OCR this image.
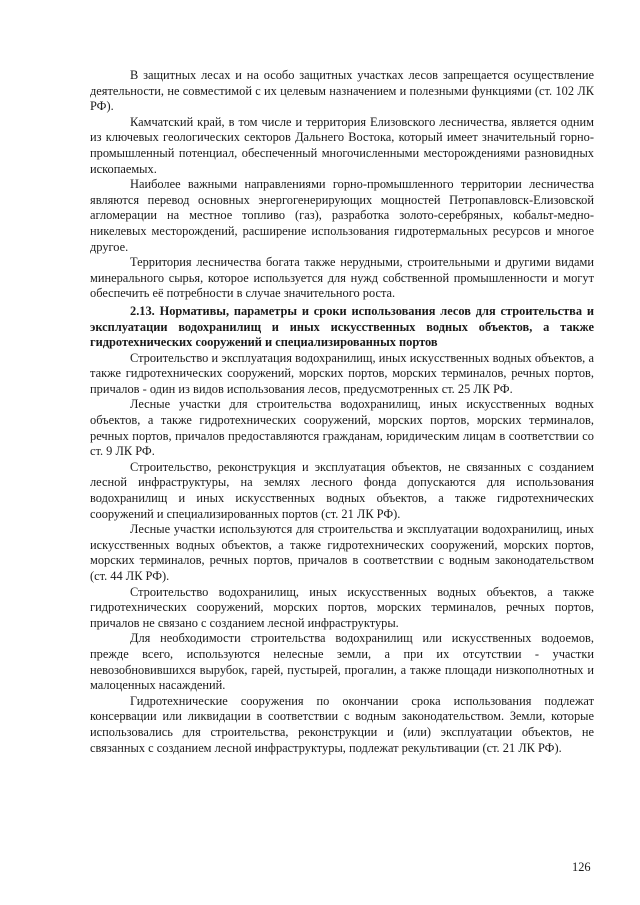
В защитных лесах и на особо защитных участках лесов запрещается осуществление деятельности, не совместимой с их целевым назначением и полезными функциями (ст. 102 ЛК РФ).

Камчатский край, в том числе и территория Елизовского лесничества, является одним из ключевых геологических секторов Дальнего Востока, который имеет значительный горно-промышленный потенциал, обеспеченный многочисленными месторождениями разновидных ископаемых.

Наиболее важными направлениями горно-промышленного территории лесничества являются перевод основных энергогенерирующих мощностей Петропавловск-Елизовской агломерации на местное топливо (газ), разработка золото-серебряных, кобальт-медно-никелевых месторождений, расширение использования гидротермальных ресурсов и многое другое.

Территория лесничества богата также нерудными, строительными и другими видами минерального сырья, которое используется для нужд собственной промышленности и могут обеспечить её потребности в случае значительного роста.

2.13. Нормативы, параметры и сроки использования лесов для строительства и эксплуатации водохранилищ и иных искусственных водных объектов, а также гидротехнических сооружений и специализированных портов

Строительство и эксплуатация водохранилищ, иных искусственных водных объектов, а также гидротехнических сооружений, морских портов, морских терминалов, речных портов, причалов - один из видов использования лесов, предусмотренных ст. 25 ЛК РФ.

Лесные участки для строительства водохранилищ, иных искусственных водных объектов, а также гидротехнических сооружений, морских портов, морских терминалов, речных портов, причалов предоставляются гражданам, юридическим лицам в соответствии со ст. 9 ЛК РФ.

Строительство, реконструкция и эксплуатация объектов, не связанных с созданием лесной инфраструктуры, на землях лесного фонда допускаются для использования водохранилищ и иных искусственных водных объектов, а также гидротехнических сооружений и специализированных портов (ст. 21 ЛК РФ).

Лесные участки используются для строительства и эксплуатации водохранилищ, иных искусственных водных объектов, а также гидротехнических сооружений, морских портов, морских терминалов, речных портов, причалов в соответствии с водным законодательством (ст. 44 ЛК РФ).

Строительство водохранилищ, иных искусственных водных объектов, а также гидротехнических сооружений, морских портов, морских терминалов, речных портов, причалов не связано с созданием лесной инфраструктуры.

Для необходимости строительства водохранилищ или искусственных водоемов, прежде всего, используются нелесные земли, а при их отсутствии - участки невозобновившихся вырубок, гарей, пустырей, прогалин, а также площади низкополнотных и малоценных насаждений.

Гидротехнические сооружения по окончании срока использования подлежат консервации или ликвидации в соответствии с водным законодательством. Земли, которые использовались для строительства, реконструкции и (или) эксплуатации объектов, не связанных с созданием лесной инфраструктуры, подлежат рекультивации (ст. 21 ЛК РФ).

126
